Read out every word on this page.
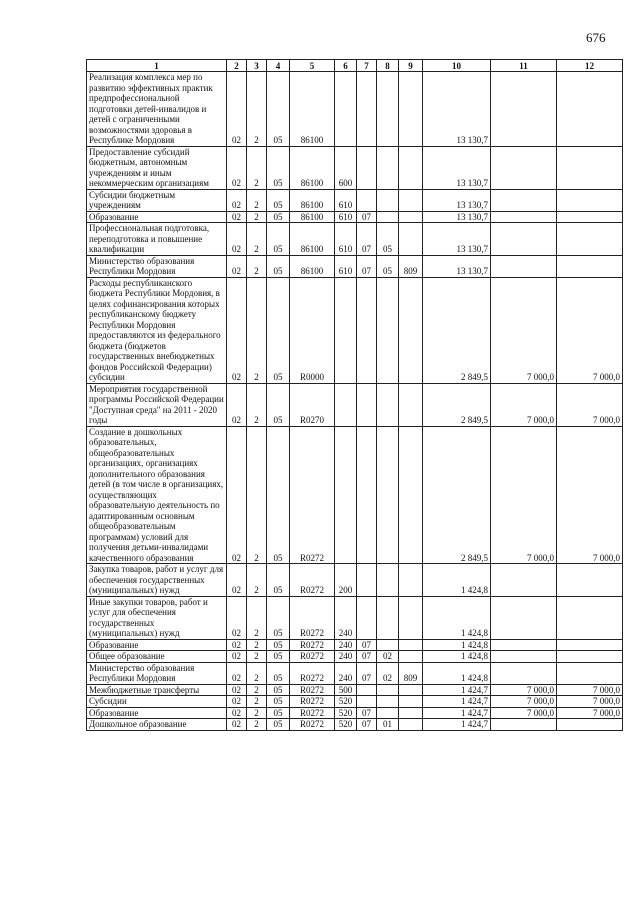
676
1	2	3	4	5	6	7	8	9	10	11	12
Реализация комплекса мер по развитию эффективных практик предпрофессиональной подготовки детей-инвалидов и детей с ограниченными возможностями здоровья в Республике Мордовия	02	2	05	86100					13 130,7		
Предоставление субсидий бюджетным, автономным учреждениям и иным некоммерческим организациям	02	2	05	86100	600				13 130,7		
Субсидии бюджетным учреждениям	02	2	05	86100	610				13 130,7		
Образование	02	2	05	86100	610	07			13 130,7		
Профессиональная подготовка, переподготовка и повышение квалификации	02	2	05	86100	610	07	05		13 130,7		
Министерство образования Республики Мордовия	02	2	05	86100	610	07	05	809	13 130,7		
Расходы республиканского бюджета Республики Мордовия, в целях софинансирования которых республиканскому бюджету Республики Мордовия предоставляются из федерального бюджета (бюджетов государственных внебюджетных фондов Российской Федерации) субсидии	02	2	05	R0000					2 849,5	7 000,0	7 000,0
Мероприятия государственной программы Российской Федерации "Доступная среда" на 2011 - 2020 годы	02	2	05	R0270					2 849,5	7 000,0	7 000,0
Создание в дошкольных образовательных, общеобразовательных организациях, организациях дополнительного образования детей (в том числе в организациях, осуществляющих образовательную деятельность по адаптированным основным общеобразовательным программам) условий для получения детьми-инвалидами качественного образования	02	2	05	R0272					2 849,5	7 000,0	7 000,0
Закупка товаров, работ и услуг для обеспечения государственных (муниципальных) нужд	02	2	05	R0272	200				1 424,8		
Иные закупки товаров, работ и услуг для обеспечения государственных (муниципальных) нужд	02	2	05	R0272	240				1 424,8		
Образование	02	2	05	R0272	240	07			1 424,8		
Общее образование	02	2	05	R0272	240	07	02		1 424,8		
Министерство образования Республики Мордовия	02	2	05	R0272	240	07	02	809	1 424,8		
Межбюджетные трансферты	02	2	05	R0272	500				1 424,7	7 000,0	7 000,0
Субсидии	02	2	05	R0272	520				1 424,7	7 000,0	7 000,0
Образование	02	2	05	R0272	520	07			1 424,7	7 000,0	7 000,0
Дошкольное образование	02	2	05	R0272	520	07	01		1 424,7		
